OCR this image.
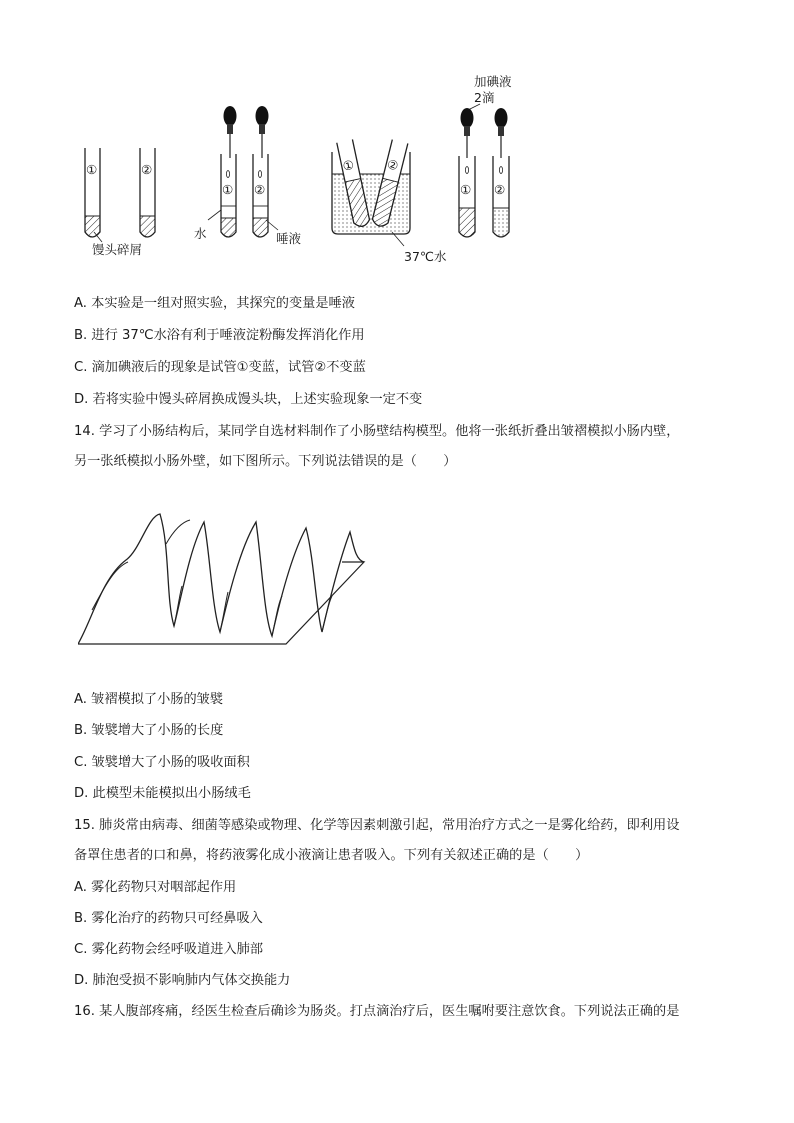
①	②
馒头碎屑
①
水
②
唾液
① ②
37℃水
加碘液
2滴
① ②
A. 本实验是一组对照实验，其探究的变量是唾液
B. 进行 37℃水浴有利于唾液淀粉酶发挥消化作用
C. 滴加碘液后的现象是试管①变蓝，试管②不变蓝
D. 若将实验中馒头碎屑换成馒头块，上述实验现象一定不变
14. 学习了小肠结构后，某同学自选材料制作了小肠壁结构模型。他将一张纸折叠出皱褶模拟小肠内壁，
另一张纸模拟小肠外壁，如下图所示。下列说法错误的是（　　）
A. 皱褶模拟了小肠的皱襞
B. 皱襞增大了小肠的长度
C. 皱襞增大了小肠的吸收面积
D. 此模型未能模拟出小肠绒毛
15. 肺炎常由病毒、细菌等感染或物理、化学等因素刺激引起，常用治疗方式之一是雾化给药，即利用设
备罩住患者的口和鼻，将药液雾化成小液滴让患者吸入。下列有关叙述正确的是（　　）
A. 雾化药物只对咽部起作用
B. 雾化治疗的药物只可经鼻吸入
C. 雾化药物会经呼吸道进入肺部
D. 肺泡受损不影响肺内气体交换能力
16. 某人腹部疼痛，经医生检查后确诊为肠炎。打点滴治疗后，医生嘱咐要注意饮食。下列说法正确的是
